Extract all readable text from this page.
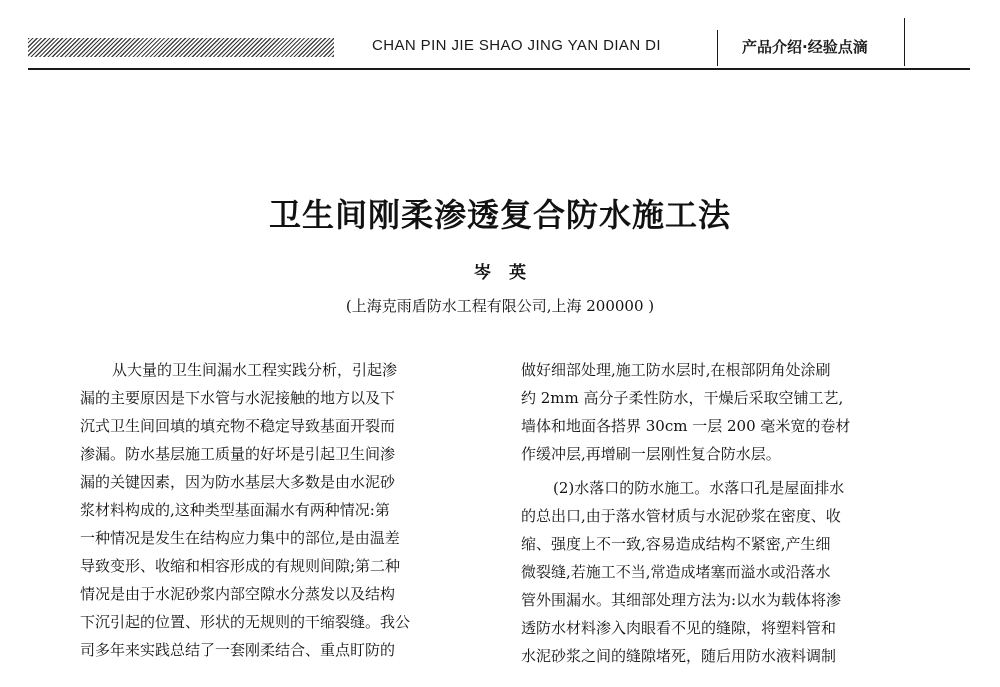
CHAN PIN JIE SHAO JING YAN DIAN DI	产品介绍·经验点滴
卫生间刚柔渗透复合防水施工法
岑英
(上海克雨盾防水工程有限公司,上海 200000 )

从大量的卫生间漏水工程实践分析，引起渗

漏的主要原因是下水管与水泥接触的地方以及下

沉式卫生间回填的填充物不稳定导致基面开裂而

渗漏。防水基层施工质量的好坏是引起卫生间渗

漏的关键因素，因为防水基层大多数是由水泥砂

浆材料构成的,这种类型基面漏水有两种情况:第

一种情况是发生在结构应力集中的部位,是由温差

导致变形、收缩和相容形成的有规则间隙;第二种

情况是由于水泥砂浆内部空隙水分蒸发以及结构

下沉引起的位置、形状的无规则的干缩裂缝。我公

司多年来实践总结了一套刚柔结合、重点盯防的

做好细部处理,施工防水层时,在根部阴角处涂刷

约 2mm 高分子柔性防水，干燥后采取空铺工艺,

墙体和地面各搭界 30cm 一层 200 毫米宽的卷材

作缓冲层,再增刷一层刚性复合防水层。

(2)水落口的防水施工。水落口孔是屋面排水

的总出口,由于落水管材质与水泥砂浆在密度、收

缩、强度上不一致,容易造成结构不紧密,产生细

微裂缝,若施工不当,常造成堵塞而溢水或沿落水

管外围漏水。其细部处理方法为:以水为载体将渗

透防水材料渗入肉眼看不见的缝隙，将塑料管和

水泥砂浆之间的缝隙堵死，随后用防水液料调制
